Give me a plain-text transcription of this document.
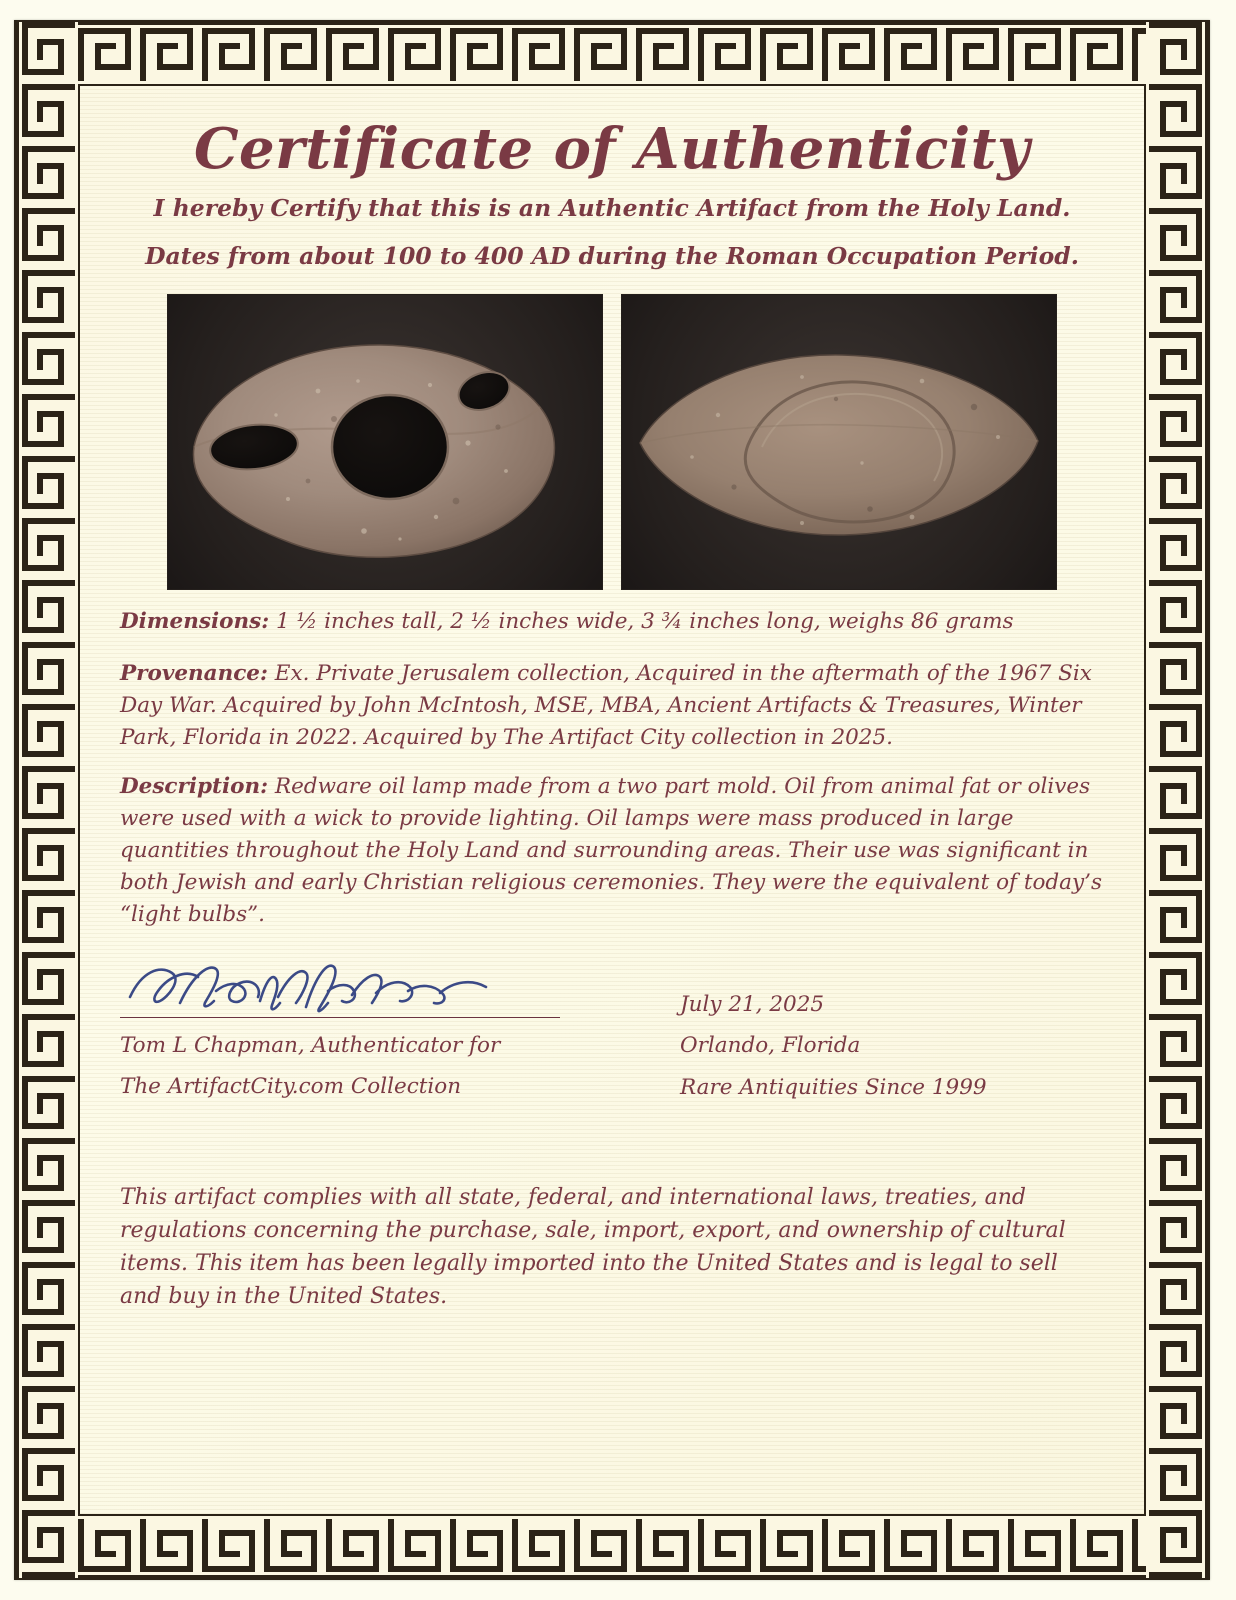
Certificate of Authenticity
I hereby Certify that this is an Authentic Artifact from the Holy Land.
Dates from about 100 to 400 AD during the Roman Occupation Period.

Dimensions: 1 ½ inches tall, 2 ½ inches wide, 3 ¾ inches long, weighs 86 grams

Provenance: Ex. Private Jerusalem collection, Acquired in the aftermath of the 1967 Six Day War. Acquired by John McIntosh, MSE, MBA, Ancient Artifacts & Treasures, Winter Park, Florida in 2022. Acquired by The Artifact City collection in 2025.

Description: Redware oil lamp made from a two part mold. Oil from animal fat or olives were used with a wick to provide lighting. Oil lamps were mass produced in large quantities throughout the Holy Land and surrounding areas. Their use was significant in both Jewish and early Christian religious ceremonies. They were the equivalent of today’s “light bulbs”.

Tom L Chapman, Authenticator for
The ArtifactCity.com Collection
July 21, 2025
Orlando, Florida
Rare Antiquities Since 1999
This artifact complies with all state, federal, and international laws, treaties, and regulations concerning the purchase, sale, import, export, and ownership of cultural items. This item has been legally imported into the United States and is legal to sell and buy in the United States.
